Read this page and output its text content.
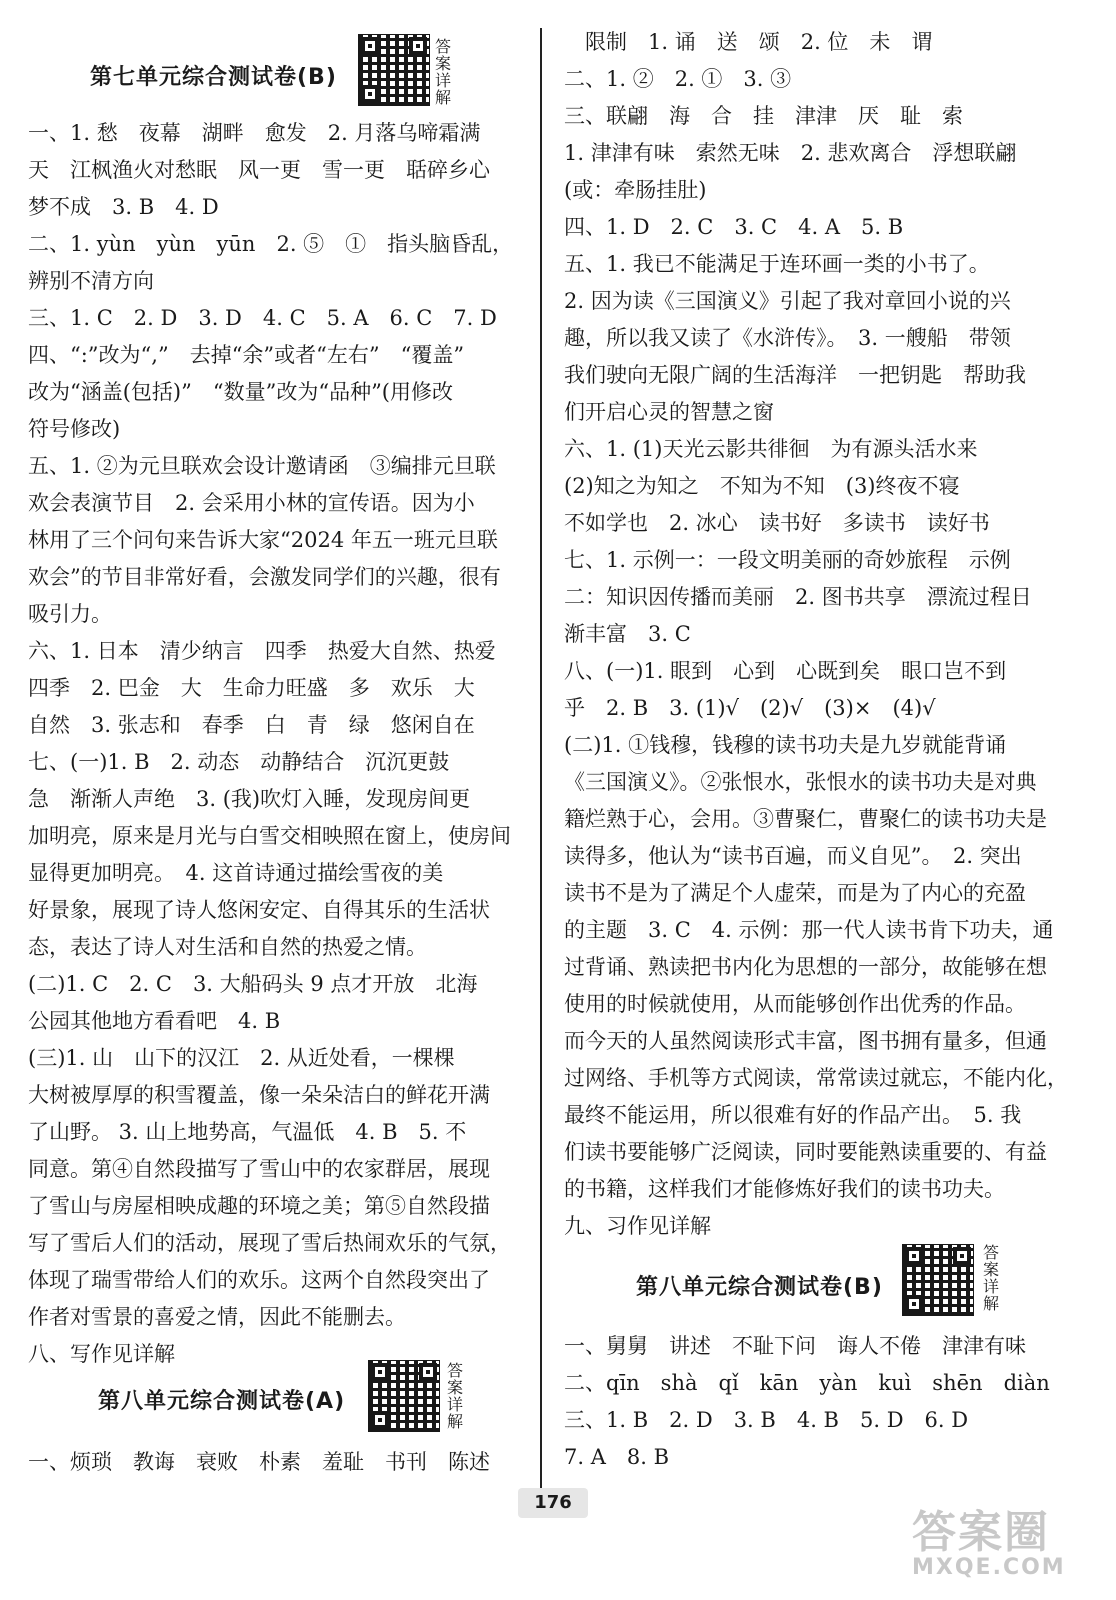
第七单元综合测试卷(B)
答案详解
一、1. 愁　夜幕　湖畔　愈发　2. 月落乌啼霜满
天　江枫渔火对愁眠　风一更　雪一更　聒碎乡心
梦不成　3. B　4. D
二、1. yùn　yùn　yūn　2. ⑤　①　指头脑昏乱，
辨别不清方向
三、1. C　2. D　3. D　4. C　5. A　6. C　7. D
四、“:”改为“,”　去掉“余”或者“左右”　“覆盖”
改为“涵盖(包括)”　“数量”改为“品种”(用修改
符号修改)
五、1. ②为元旦联欢会设计邀请函　③编排元旦联
欢会表演节目　2. 会采用小林的宣传语。因为小
林用了三个问句来告诉大家“2024 年五一班元旦联
欢会”的节目非常好看，会激发同学们的兴趣，很有
吸引力。
六、1. 日本　清少纳言　四季　热爱大自然、热爱
四季　2. 巴金　大　生命力旺盛　多　欢乐　大
自然　3. 张志和　春季　白　青　绿　悠闲自在
七、(一)1. B　2. 动态　动静结合　沉沉更鼓
急　渐渐人声绝　3. (我)吹灯入睡，发现房间更
加明亮，原来是月光与白雪交相映照在窗上，使房间
显得更加明亮。　4. 这首诗通过描绘雪夜的美
好景象，展现了诗人悠闲安定、自得其乐的生活状
态，表达了诗人对生活和自然的热爱之情。
(二)1. C　2. C　3. 大船码头 9 点才开放　北海
公园其他地方看看吧　4. B
(三)1. 山　山下的汉江　2. 从近处看，一棵棵
大树被厚厚的积雪覆盖，像一朵朵洁白的鲜花开满
了山野。 3. 山上地势高，气温低　4. B　5. 不
同意。第④自然段描写了雪山中的农家群居，展现
了雪山与房屋相映成趣的环境之美；第⑤自然段描
写了雪后人们的活动，展现了雪后热闹欢乐的气氛，
体现了瑞雪带给人们的欢乐。这两个自然段突出了
作者对雪景的喜爱之情，因此不能删去。
八、写作见详解
第八单元综合测试卷(A)
答案详解
一、烦琐　教诲　衰败　朴素　羞耻　书刊　陈述
　限制　1. 诵　送　颂　2. 位　未　谓
二、1. ②　2. ①　3. ③
三、联翩　海　合　挂　津津　厌　耻　索
1. 津津有味　索然无味　2. 悲欢离合　浮想联翩
(或：牵肠挂肚)
四、1. D　2. C　3. C　4. A　5. B
五、1. 我已不能满足于连环画一类的小书了。
2. 因为读《三国演义》引起了我对章回小说的兴
趣，所以我又读了《水浒传》。　3. 一艘船　带领
我们驶向无限广阔的生活海洋　一把钥匙　帮助我
们开启心灵的智慧之窗
六、1. (1)天光云影共徘徊　为有源头活水来
(2)知之为知之　不知为不知　(3)终夜不寝
不如学也　2. 冰心　读书好　多读书　读好书
七、1. 示例一：一段文明美丽的奇妙旅程　示例
二：知识因传播而美丽　2. 图书共享　漂流过程日
渐丰富　3. C
八、(一)1. 眼到　心到　心既到矣　眼口岂不到
乎　2. B　3. (1)√　(2)√　(3)×　(4)√
(二)1. ①钱穆，钱穆的读书功夫是九岁就能背诵
《三国演义》。②张恨水，张恨水的读书功夫是对典
籍烂熟于心，会用。③曹聚仁，曹聚仁的读书功夫是
读得多，他认为“读书百遍，而义自见”。　2. 突出
读书不是为了满足个人虚荣，而是为了内心的充盈
的主题　3. C　4. 示例：那一代人读书肯下功夫，通
过背诵、熟读把书内化为思想的一部分，故能够在想
使用的时候就使用，从而能够创作出优秀的作品。
而今天的人虽然阅读形式丰富，图书拥有量多，但通
过网络、手机等方式阅读，常常读过就忘，不能内化，
最终不能运用，所以很难有好的作品产出。　5. 我
们读书要能够广泛阅读，同时要能熟读重要的、有益
的书籍，这样我们才能修炼好我们的读书功夫。
九、习作见详解
第八单元综合测试卷(B)
答案详解
一、舅舅　讲述　不耻下问　诲人不倦　津津有味
二、qīn　shà　qǐ　kān　yàn　kuì　shēn　diàn
三、1. B　2. D　3. B　4. B　5. D　6. D
7. A　8. B
176
答案圈
MXQE.COM
